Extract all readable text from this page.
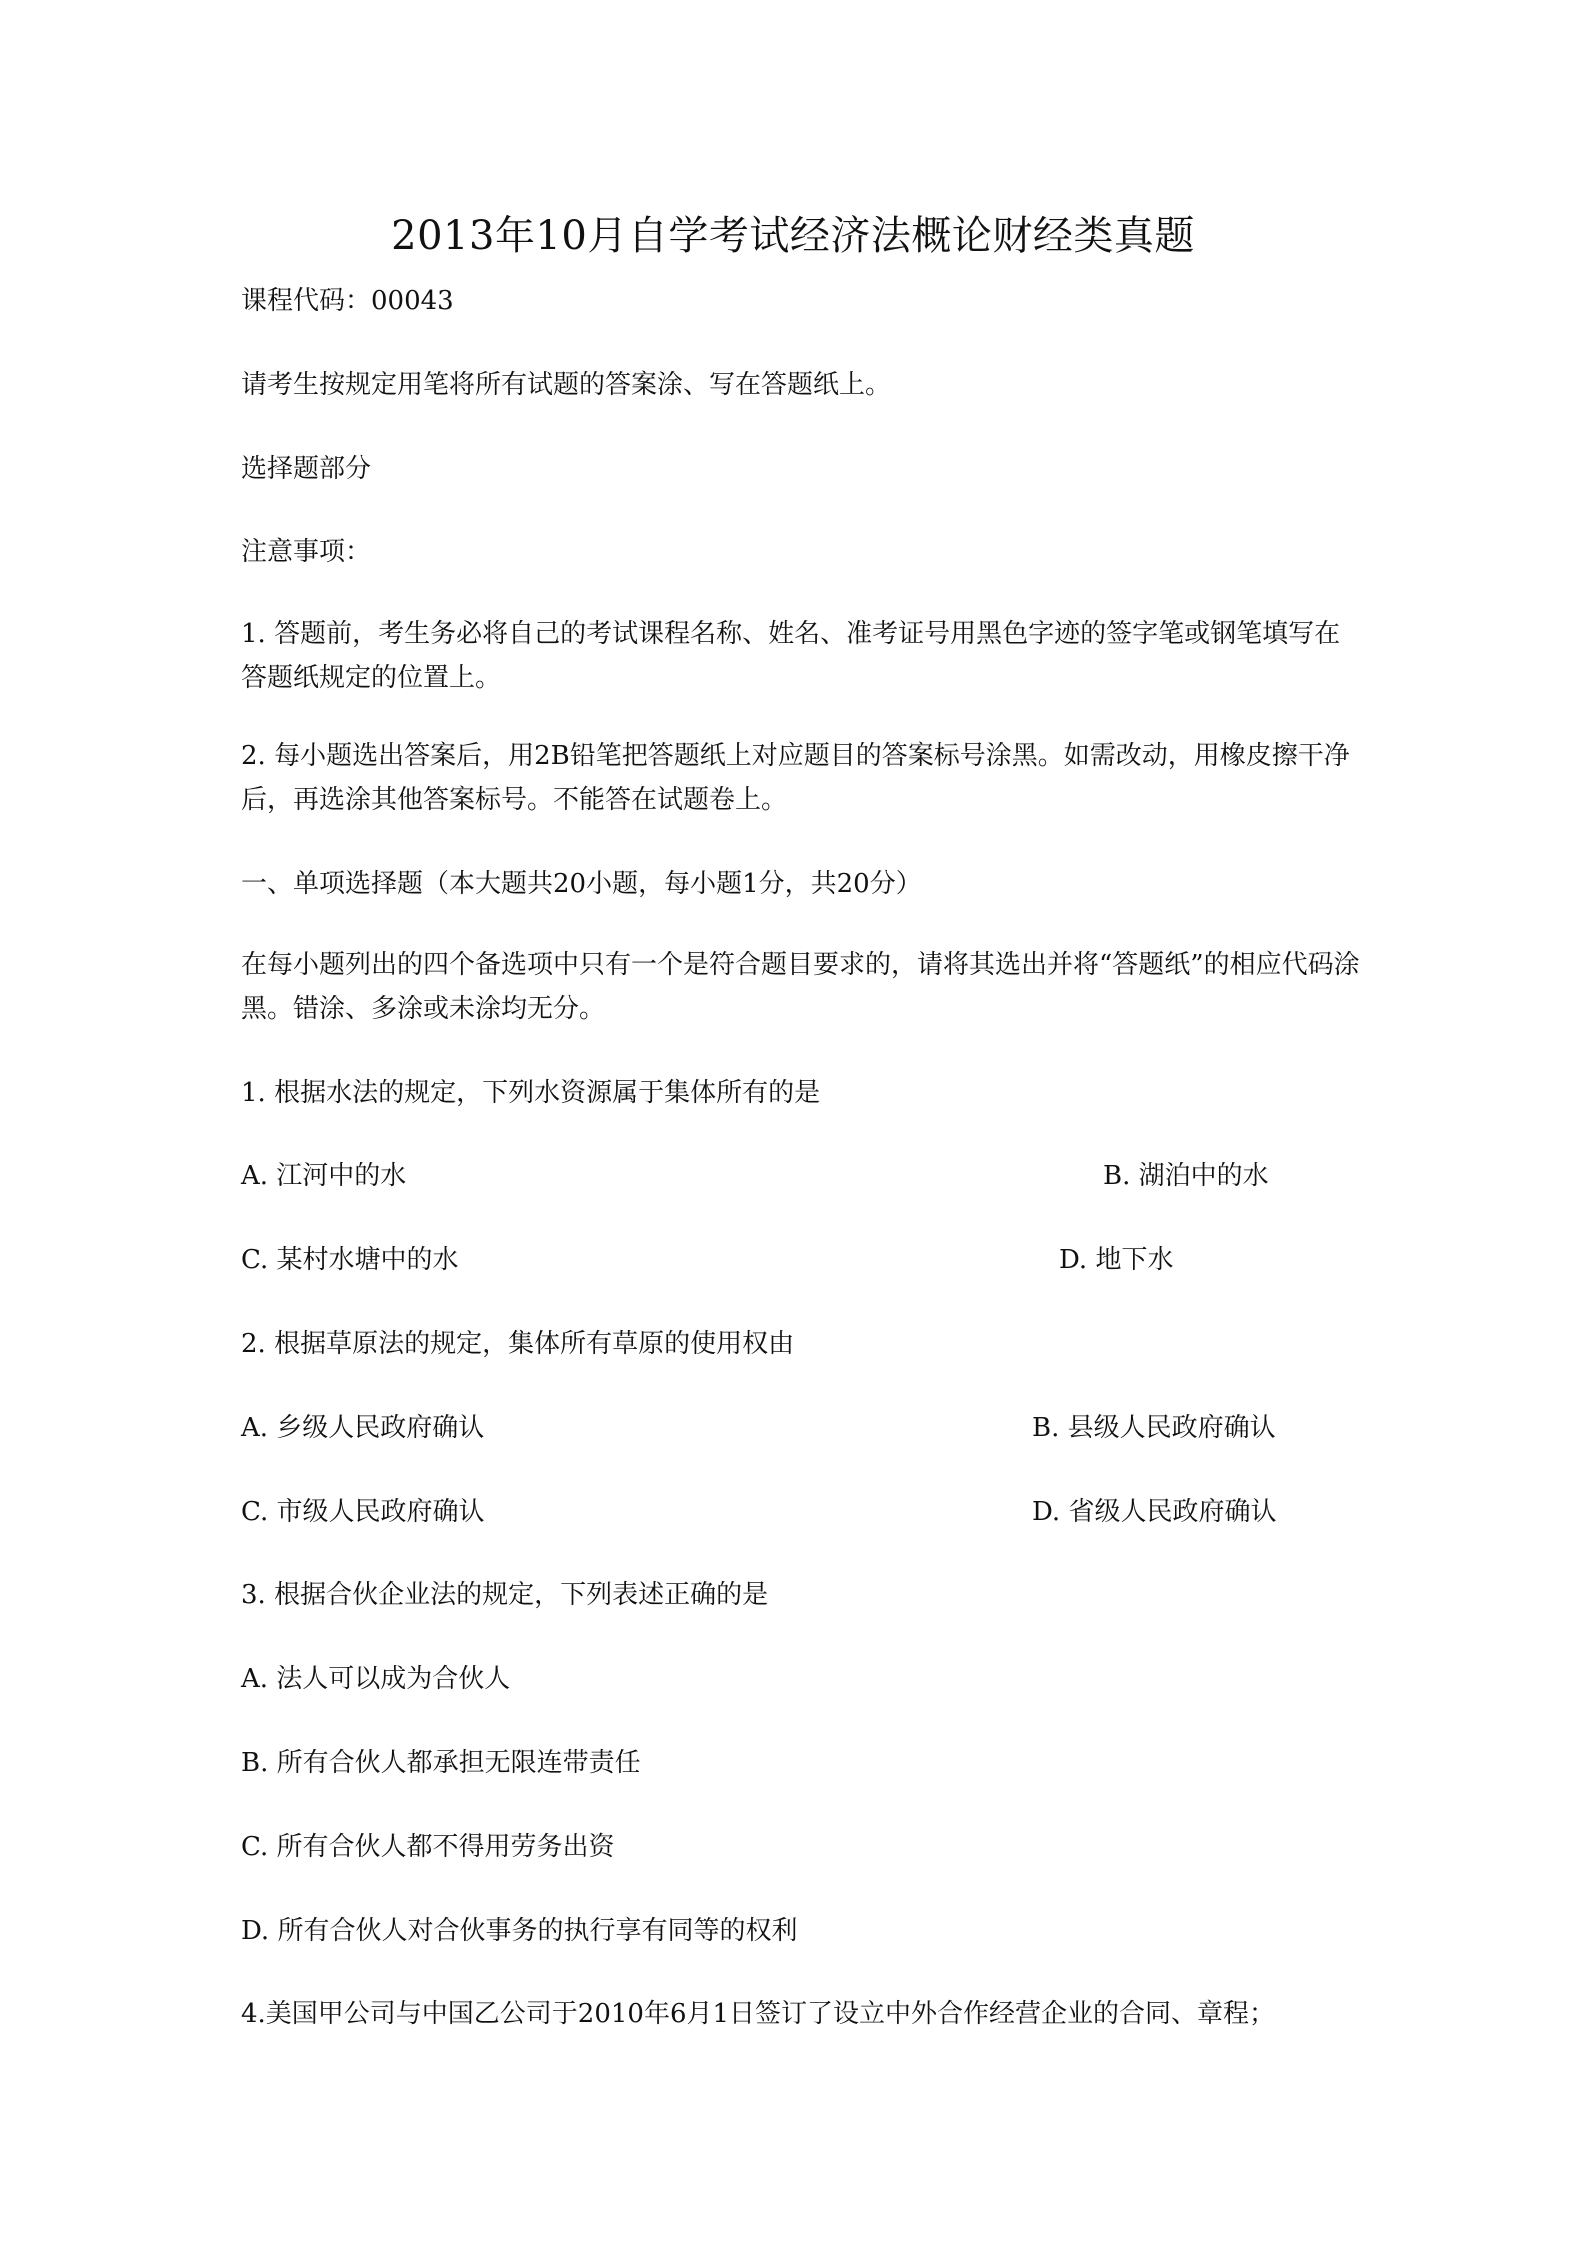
2013年10月自学考试经济法概论财经类真题
课程代码：00043
请考生按规定用笔将所有试题的答案涂、写在答题纸上。
选择题部分
注意事项：
1. 答题前，考生务必将自己的考试课程名称、姓名、准考证号用黑色字迹的签字笔或钢笔填写在答题纸规定的位置上。
2. 每小题选出答案后，用2B铅笔把答题纸上对应题目的答案标号涂黑。如需改动，用橡皮擦干净后，再选涂其他答案标号。不能答在试题卷上。
一、单项选择题（本大题共20小题，每小题1分，共20分）
在每小题列出的四个备选项中只有一个是符合题目要求的，请将其选出并将“答题纸”的相应代码涂黑。错涂、多涂或未涂均无分。
1. 根据水法的规定，下列水资源属于集体所有的是
A. 江河中的水	B. 湖泊中的水
C. 某村水塘中的水	D. 地下水
2. 根据草原法的规定，集体所有草原的使用权由
A. 乡级人民政府确认	B. 县级人民政府确认
C. 市级人民政府确认	D. 省级人民政府确认
3. 根据合伙企业法的规定，下列表述正确的是
A. 法人可以成为合伙人
B. 所有合伙人都承担无限连带责任
C. 所有合伙人都不得用劳务出资
D. 所有合伙人对合伙事务的执行享有同等的权利
4.美国甲公司与中国乙公司于2010年6月1日签订了设立中外合作经营企业的合同、章程；
